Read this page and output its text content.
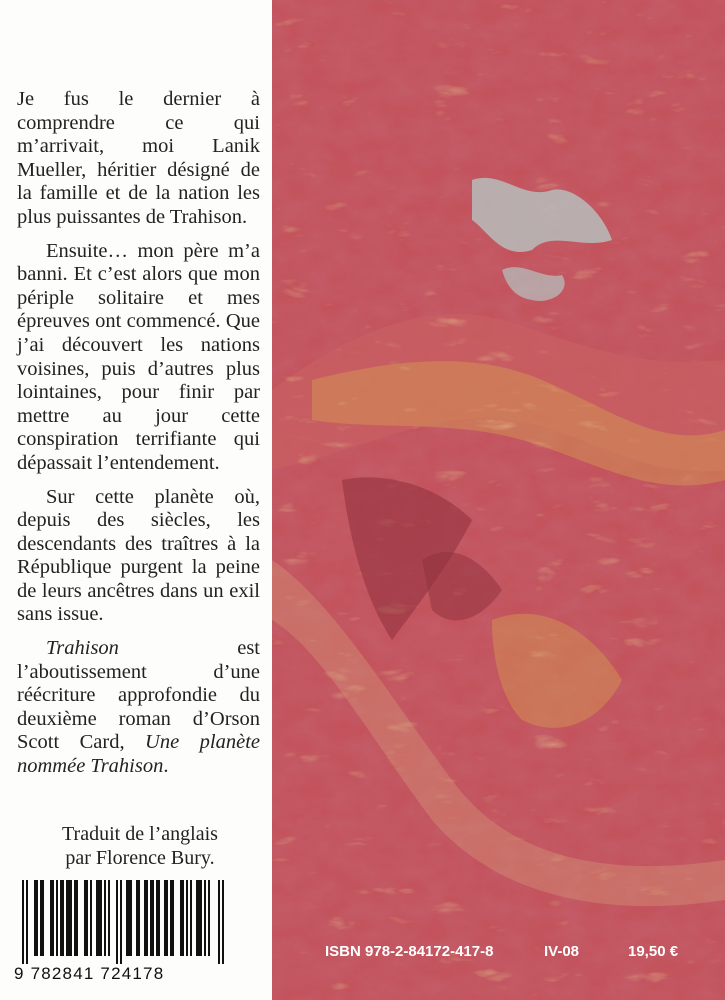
Je fus le dernier à comprendre ce qui m’arrivait, moi Lanik Mueller, héritier désigné de la famille et de la nation les plus puissantes de Trahison.

Ensuite… mon père m’a banni. Et c’est alors que mon périple solitaire et mes épreuves ont commencé. Que j’ai découvert les nations voisines, puis d’autres plus lointaines, pour finir par mettre au jour cette conspiration terrifiante qui dépassait l’entendement.

Sur cette planète où, depuis des siècles, les descendants des traîtres à la République purgent la peine de leurs ancêtres dans un exil sans issue.

Trahison est l’aboutissement d’une réécriture approfondie du deuxième roman d’Orson Scott Card, Une planète nommée Trahison.

Traduit de l’anglais
par Florence Bury.
9 782841 724178
ISBN 978-2-84172-417-8	IV-08	19,50 €
